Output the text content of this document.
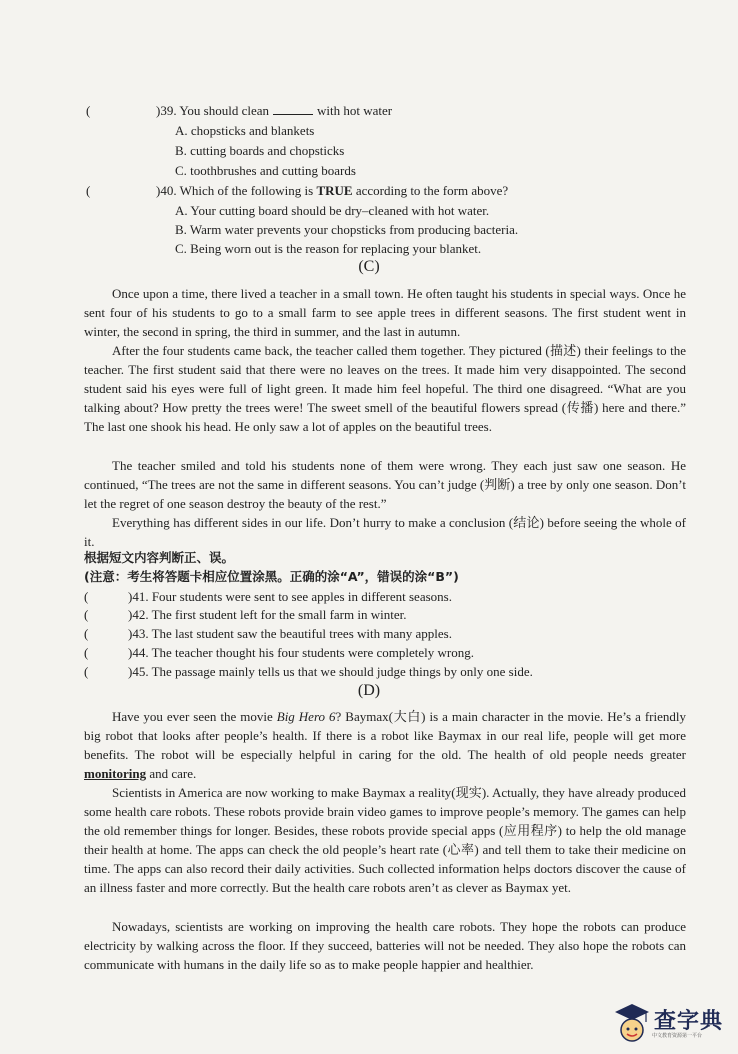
(	)39. You should clean	with hot water
A. chopsticks and blankets
B. cutting boards and chopsticks
C. toothbrushes and cutting boards
(	)40. Which of the following is TRUE according to the form above?
A. Your cutting board should be dry–cleaned with hot water.
B. Warm water prevents your chopsticks from producing bacteria.
C. Being worn out is the reason for replacing your blanket.
(C)
Once upon a time, there lived a teacher in a small town. He often taught his students in special ways. Once he sent four of his students to go to a small farm to see apple trees in different seasons. The first student went in winter, the second in spring, the third in summer, and the last in autumn.
After the four students came back, the teacher called them together. They pictured (描述) their feelings to the teacher. The first student said that there were no leaves on the trees. It made him very disappointed. The second student said his eyes were full of light green. It made him feel hopeful. The third one disagreed. “What are you talking about? How pretty the trees were! The sweet smell of the beautiful flowers spread (传播) here and there.” The last one shook his head. He only saw a lot of apples on the beautiful trees.
The teacher smiled and told his students none of them were wrong. They each just saw one season. He continued, “The trees are not the same in different seasons. You can’t judge (判断) a tree by only one season. Don’t let the regret of one season destroy the beauty of the rest.”
Everything has different sides in our life. Don’t hurry to make a conclusion (结论) before seeing the whole of it.
根据短文内容判断正、误。
(注意：考生将答题卡相应位置涂黑。正确的涂“A”，错误的涂“B”)
(	)41. Four students were sent to see apples in different seasons.
(	)42. The first student left for the small farm in winter.
(	)43. The last student saw the beautiful trees with many apples.
(	)44. The teacher thought his four students were completely wrong.
(	)45. The passage mainly tells us that we should judge things by only one side.
(D)
Have you ever seen the movie Big Hero 6? Baymax(大白) is a main character in the movie. He’s a friendly big robot that looks after people’s health. If there is a robot like Baymax in our real life, people will get more benefits. The robot will be especially helpful in caring for the old. The health of old people needs greater monitoring and care.
Scientists in America are now working to make Baymax a reality(现实). Actually, they have already produced some health care robots. These robots provide brain video games to improve people’s memory. The games can help the old remember things for longer. Besides, these robots provide special apps (应用程序) to help the old manage their health at home. The apps can check the old people’s heart rate (心率) and tell them to take their medicine on time. The apps can also record their daily activities. Such collected information helps doctors discover the cause of an illness faster and more correctly. But the health care robots aren’t as clever as Baymax yet.
Nowadays, scientists are working on improving the health care robots. They hope the robots can produce electricity by walking across the floor. If they succeed, batteries will not be needed. They also hope the robots can communicate with humans in the daily life so as to make people happier and healthier.
查字典
中文教育资源第一平台
